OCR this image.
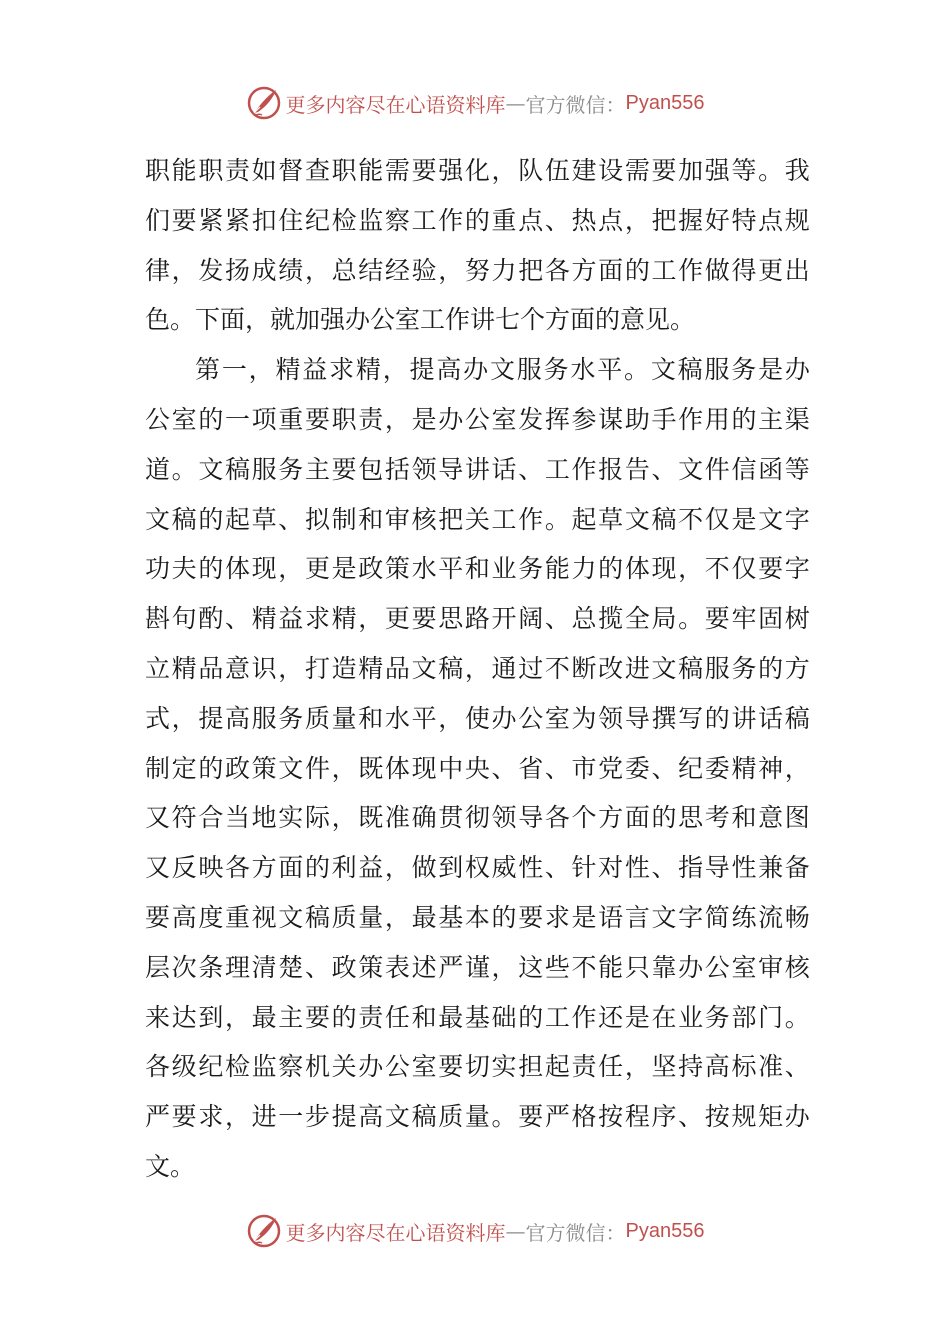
更多内容尽在心语资料库 — 官方微信： Pyan556
职 能 职 责 如 督 查 职 能 需 要 强 化 ， 队 伍 建 设 需 要 加 强 等 。 我
们 要 紧 紧 扣 住 纪 检 监 察 工 作 的 重 点 、 热 点 ， 把 握 好 特 点 规
律 ， 发 扬 成 绩 ， 总 结 经 验 ， 努 力 把 各 方 面 的 工 作 做 得 更 出
色。下面，就加强办公室工作讲七个方面的意见。
第 一 ， 精 益 求 精 ， 提 高 办 文 服 务 水 平 。 文 稿 服 务 是 办
公 室 的 一 项 重 要 职 责 ， 是 办 公 室 发 挥 参 谋 助 手 作 用 的 主 渠
道 。 文 稿 服 务 主 要 包 括 领 导 讲 话 、 工 作 报 告 、 文 件 信 函 等
文 稿 的 起 草 、 拟 制 和 审 核 把 关 工 作 。 起 草 文 稿 不 仅 是 文 字
功 夫 的 体 现 ， 更 是 政 策 水 平 和 业 务 能 力 的 体 现 ， 不 仅 要 字
斟 句 酌 、 精 益 求 精 ， 更 要 思 路 开 阔 、 总 揽 全 局 。 要 牢 固 树
立 精 品 意 识 ， 打 造 精 品 文 稿 ， 通 过 不 断 改 进 文 稿 服 务 的 方
式 ， 提 高 服 务 质 量 和 水 平 ， 使 办 公 室 为 领 导 撰 写 的 讲 话 稿
制 定 的 政 策 文 件 ， 既 体 现 中 央 、 省 、 市 党 委 、 纪 委 精 神 ，
又 符 合 当 地 实 际 ， 既 准 确 贯 彻 领 导 各 个 方 面 的 思 考 和 意 图
又 反 映 各 方 面 的 利 益 ， 做 到 权 威 性 、 针 对 性 、 指 导 性 兼 备
要 高 度 重 视 文 稿 质 量 ， 最 基 本 的 要 求 是 语 言 文 字 简 练 流 畅
层 次 条 理 清 楚 、 政 策 表 述 严 谨 ， 这 些 不 能 只 靠 办 公 室 审 核
来 达 到 ， 最 主 要 的 责 任 和 最 基 础 的 工 作 还 是 在 业 务 部 门 。
各 级 纪 检 监 察 机 关 办 公 室 要 切 实 担 起 责 任 ， 坚 持 高 标 准 、
严 要 求 ， 进 一 步 提 高 文 稿 质 量 。 要 严 格 按 程 序 、 按 规 矩 办
文。
更多内容尽在心语资料库 — 官方微信： Pyan556
